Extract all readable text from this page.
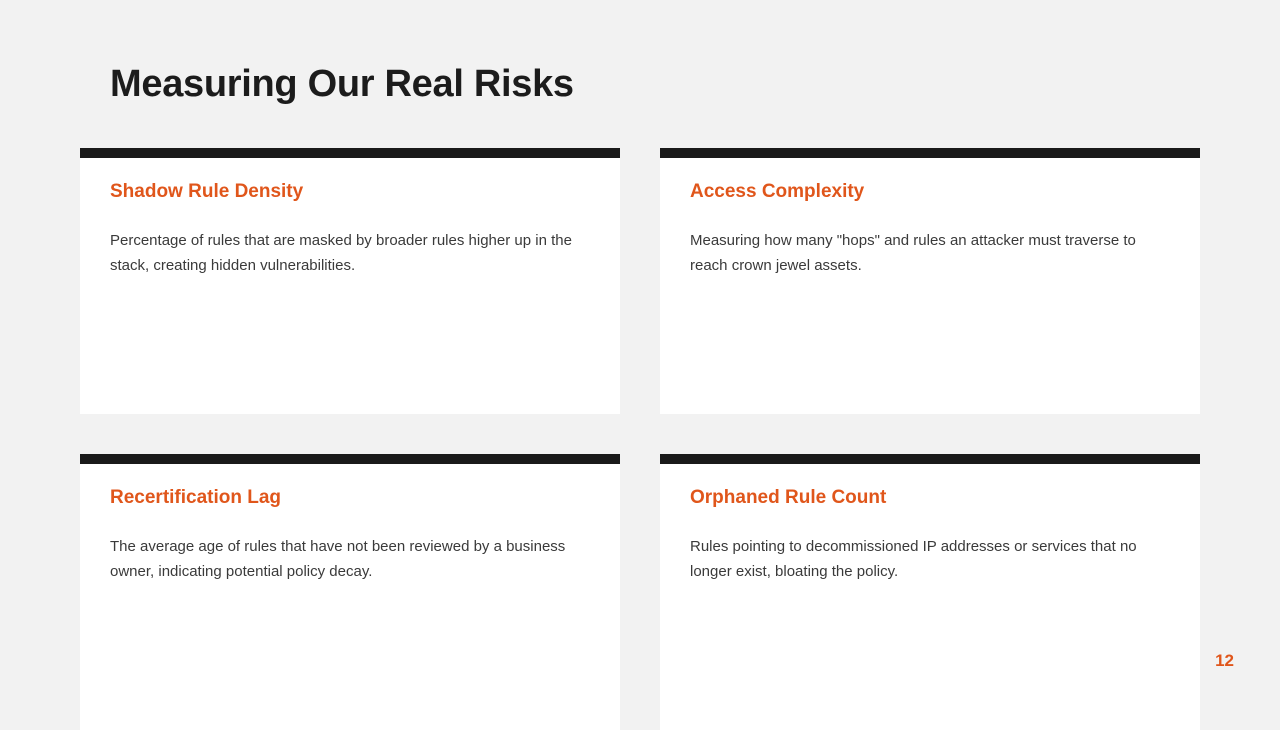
Measuring Our Real Risks
Shadow Rule Density

Percentage of rules that are masked by broader rules higher up in the stack, creating hidden vulnerabilities.

Access Complexity

Measuring how many "hops" and rules an attacker must traverse to reach crown jewel assets.

Recertification Lag

The average age of rules that have not been reviewed by a business owner, indicating potential policy decay.

Orphaned Rule Count

Rules pointing to decommissioned IP addresses or services that no longer exist, bloating the policy.

12
